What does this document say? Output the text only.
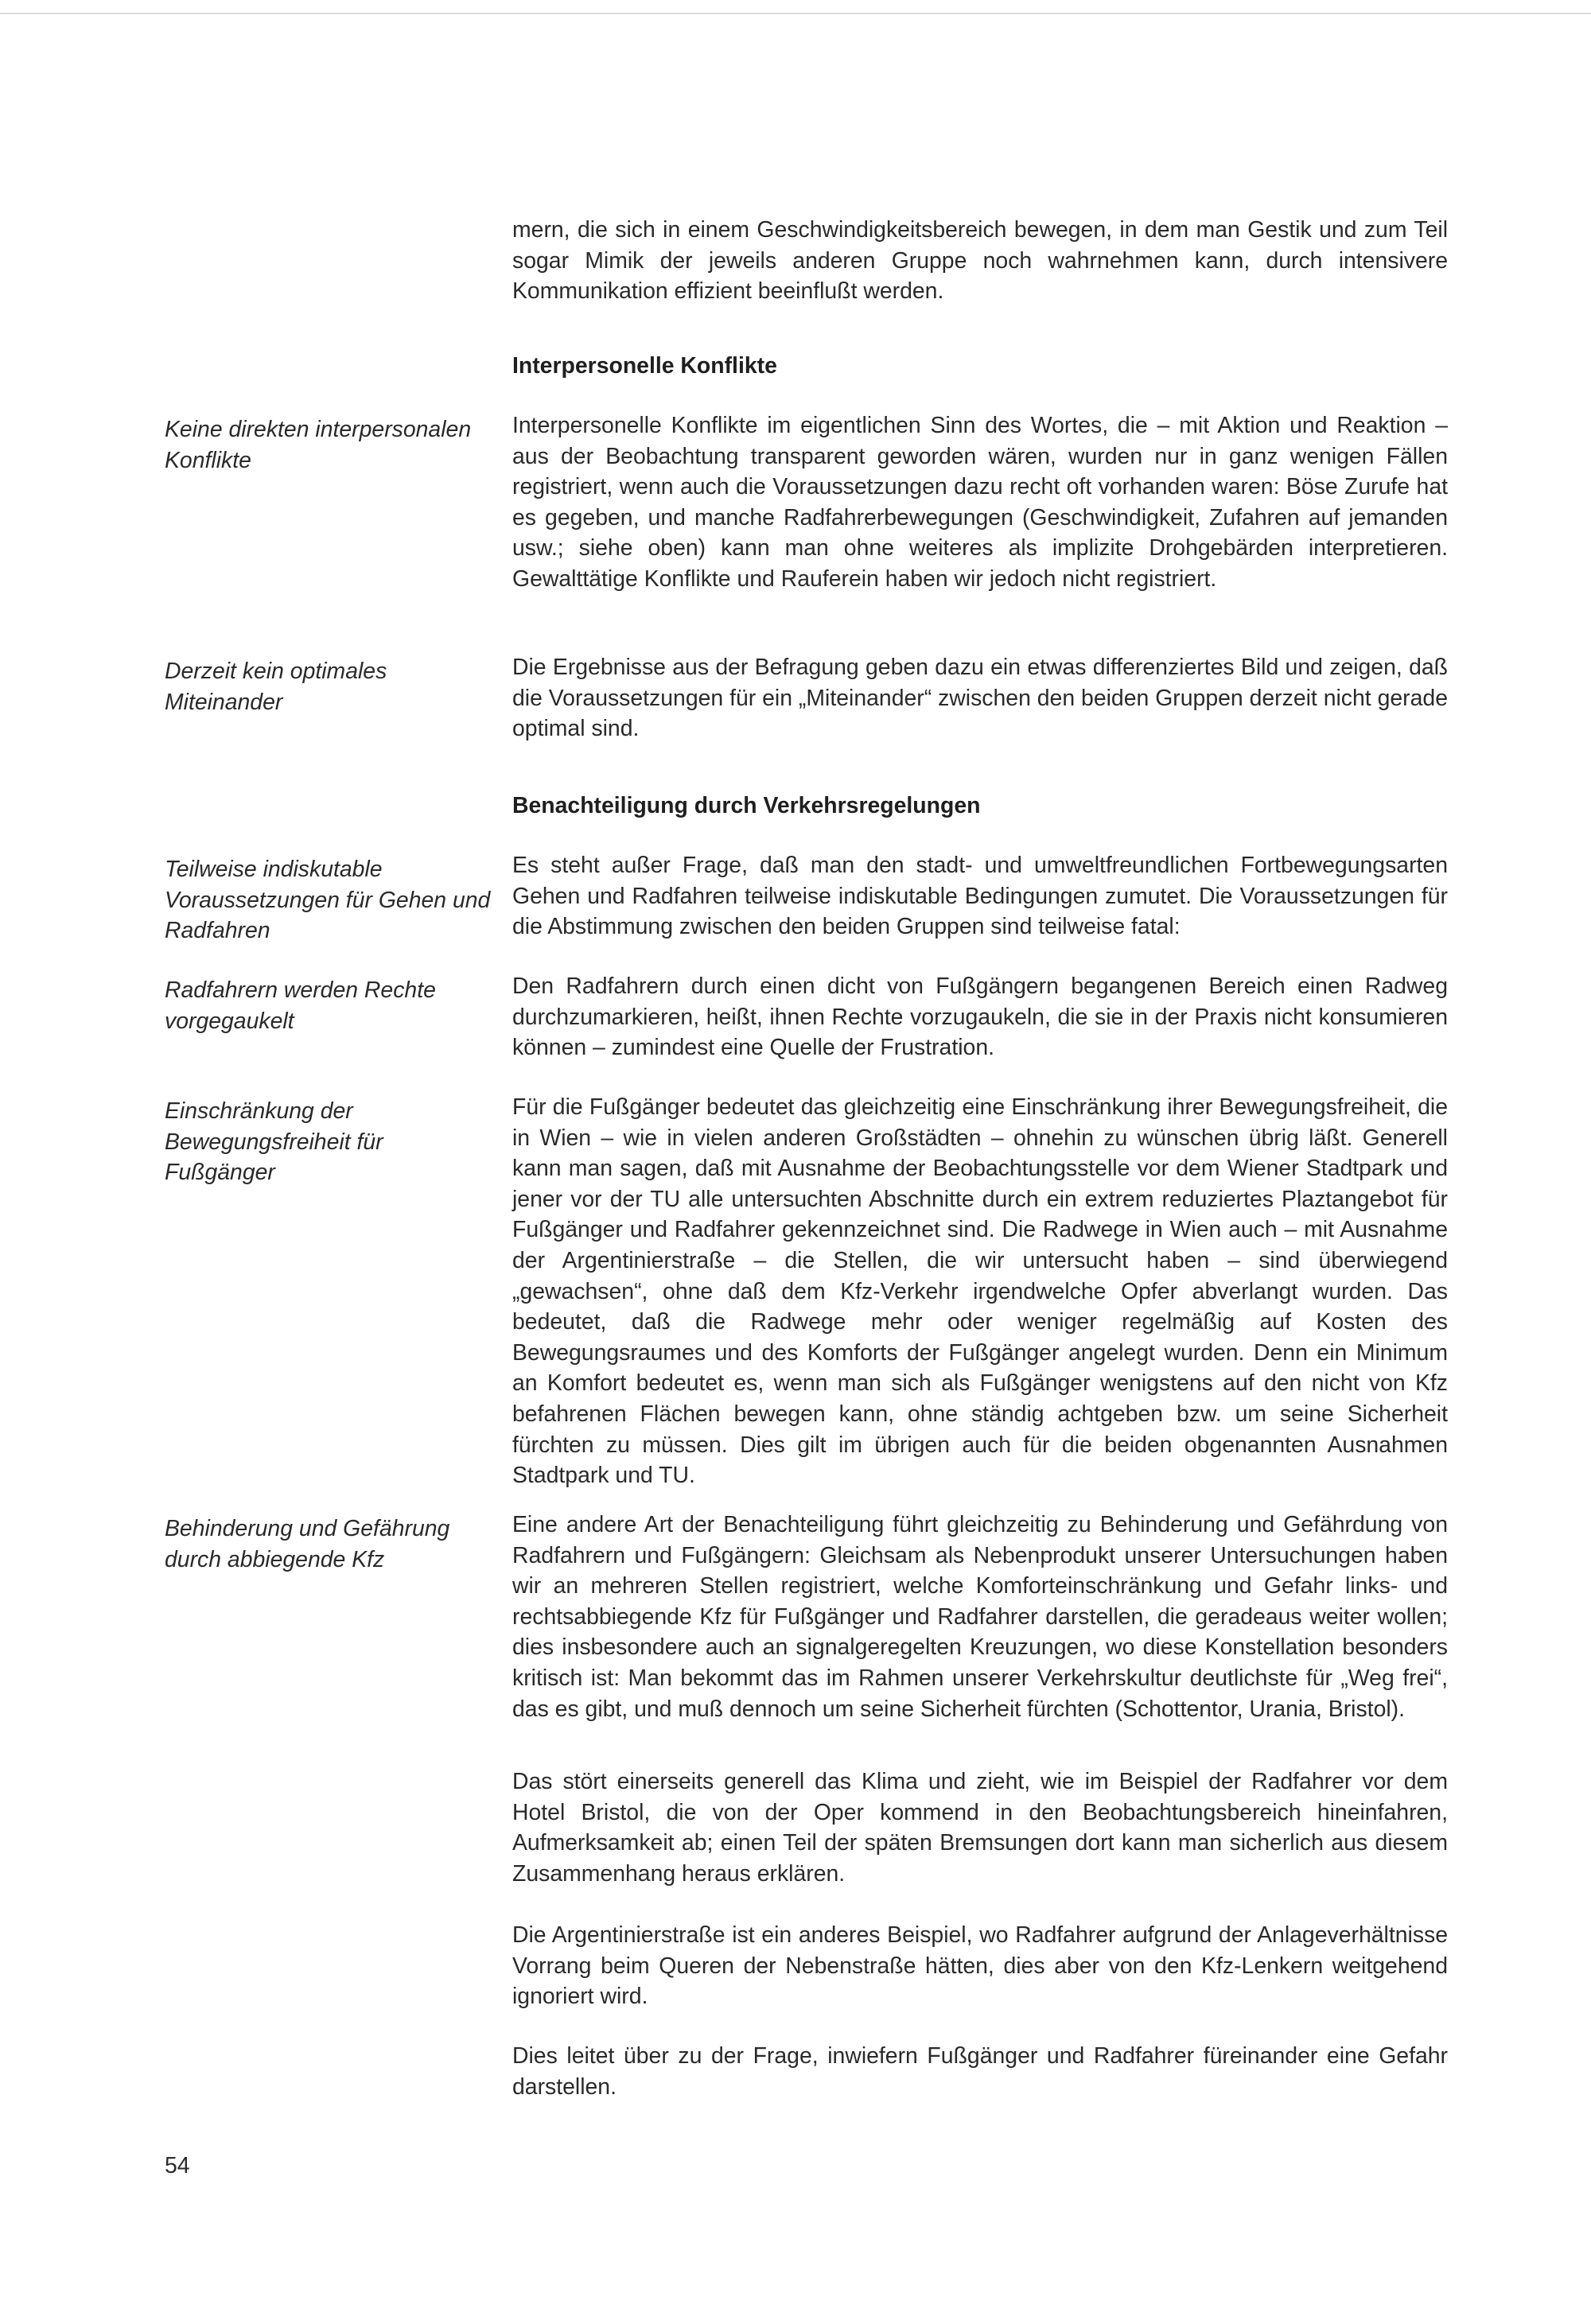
mern, die sich in einem Geschwindigkeitsbereich bewegen, in dem man Gestik und zum Teil sogar Mimik der jeweils anderen Gruppe noch wahrnehmen kann, durch intensivere Kommunikation effizient beeinflußt werden.

Interpersonelle Konflikte
Keine direkten interpersonalen Konflikte
Derzeit kein optimales Miteinander

Interpersonelle Konflikte im eigentlichen Sinn des Wortes, die – mit Aktion und Reaktion – aus der Beobachtung transparent geworden wären, wurden nur in ganz wenigen Fällen registriert, wenn auch die Voraussetzungen dazu recht oft vorhanden waren: Böse Zurufe hat es gegeben, und manche Radfahrerbewegungen (Geschwindigkeit, Zufahren auf jemanden usw.; siehe oben) kann man ohne weiteres als implizite Drohgebärden interpretieren. Gewalttätige Konflikte und Rauferein haben wir jedoch nicht registriert.

Die Ergebnisse aus der Befragung geben dazu ein etwas differenziertes Bild und zeigen, daß die Voraussetzungen für ein „Miteinander“ zwischen den beiden Gruppen derzeit nicht gerade optimal sind.

Benachteiligung durch Verkehrsregelungen
Teilweise indiskutable Voraussetzungen für Gehen und Radfahren
Radfahrern werden Rechte vorgegaukelt
Einschränkung der Bewegungsfreiheit für Fußgänger
Behinderung und Gefährung durch abbiegende Kfz

Es steht außer Frage, daß man den stadt- und umweltfreundlichen Fortbewegungsarten Gehen und Radfahren teilweise indiskutable Bedingungen zumutet. Die Voraussetzungen für die Abstimmung zwischen den beiden Gruppen sind teilweise fatal:

Den Radfahrern durch einen dicht von Fußgängern begangenen Bereich einen Radweg durchzumarkieren, heißt, ihnen Rechte vorzugaukeln, die sie in der Praxis nicht konsumieren können – zumindest eine Quelle der Frustration.

Für die Fußgänger bedeutet das gleichzeitig eine Einschränkung ihrer Bewegungsfreiheit, die in Wien – wie in vielen anderen Großstädten – ohnehin zu wünschen übrig läßt. Generell kann man sagen, daß mit Ausnahme der Beobachtungsstelle vor dem Wiener Stadtpark und jener vor der TU alle untersuchten Abschnitte durch ein extrem reduziertes Plaztangebot für Fußgänger und Radfahrer gekennzeichnet sind. Die Radwege in Wien auch – mit Ausnahme der Argentinierstraße – die Stellen, die wir untersucht haben – sind überwiegend „gewachsen“, ohne daß dem Kfz-Verkehr irgendwelche Opfer abverlangt wurden. Das bedeutet, daß die Radwege mehr oder weniger regelmäßig auf Kosten des Bewegungsraumes und des Komforts der Fußgänger angelegt wurden. Denn ein Minimum an Komfort bedeutet es, wenn man sich als Fußgänger wenigstens auf den nicht von Kfz befahrenen Flächen bewegen kann, ohne ständig achtgeben bzw. um seine Sicherheit fürchten zu müssen. Dies gilt im übrigen auch für die beiden obgenannten Ausnahmen Stadtpark und TU.

Eine andere Art der Benachteiligung führt gleichzeitig zu Behinderung und Gefährdung von Radfahrern und Fußgängern: Gleichsam als Nebenprodukt unserer Untersuchungen haben wir an mehreren Stellen registriert, welche Komforteinschränkung und Gefahr links- und rechtsabbiegende Kfz für Fußgänger und Radfahrer darstellen, die geradeaus weiter wollen; dies insbesondere auch an signalgeregelten Kreuzungen, wo diese Konstellation besonders kritisch ist: Man bekommt das im Rahmen unserer Verkehrskultur deutlichste für „Weg frei“, das es gibt, und muß dennoch um seine Sicherheit fürchten (Schottentor, Urania, Bristol).

Das stört einerseits generell das Klima und zieht, wie im Beispiel der Radfahrer vor dem Hotel Bristol, die von der Oper kommend in den Beobachtungsbereich hineinfahren, Aufmerksamkeit ab; einen Teil der späten Bremsungen dort kann man sicherlich aus diesem Zusammenhang heraus erklären.

Die Argentinierstraße ist ein anderes Beispiel, wo Radfahrer aufgrund der Anlageverhältnisse Vorrang beim Queren der Nebenstraße hätten, dies aber von den Kfz-Lenkern weitgehend ignoriert wird.

Dies leitet über zu der Frage, inwiefern Fußgänger und Radfahrer füreinander eine Gefahr darstellen.

54
